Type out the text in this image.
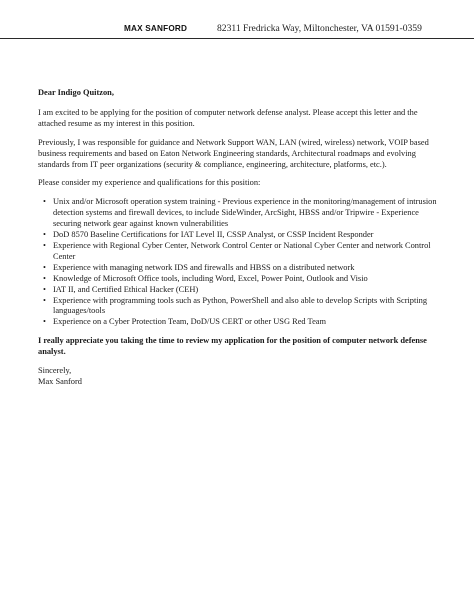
MAX SANFORD	82311 Fredricka Way, Miltonchester, VA 01591-0359

Dear Indigo Quitzon,

I am excited to be applying for the position of computer network defense analyst. Please accept this letter and the attached resume as my interest in this position.

Previously, I was responsible for guidance and Network Support WAN, LAN (wired, wireless) network, VOIP based business requirements and based on Eaton Network Engineering standards, Architectural roadmaps and evolving standards from IT peer organizations (security & compliance, engineering, architecture, platforms, etc.).

Please consider my experience and qualifications for this position:

• Unix and/or Microsoft operation system training - Previous experience in the monitoring/management of intrusion detection systems and firewall devices, to include SideWinder, ArcSight, HBSS and/or Tripwire - Experience securing network gear against known vulnerabilities
• DoD 8570 Baseline Certifications for IAT Level II, CSSP Analyst, or CSSP Incident Responder
• Experience with Regional Cyber Center, Network Control Center or National Cyber Center and network Control Center
• Experience with managing network IDS and firewalls and HBSS on a distributed network
• Knowledge of Microsoft Office tools, including Word, Excel, Power Point, Outlook and Visio
• IAT II, and Certified Ethical Hacker (CEH)
• Experience with programming tools such as Python, PowerShell and also able to develop Scripts with Scripting languages/tools
• Experience on a Cyber Protection Team, DoD/US CERT or other USG Red Team

I really appreciate you taking the time to review my application for the position of computer network defense analyst.

Sincerely,

Max Sanford
